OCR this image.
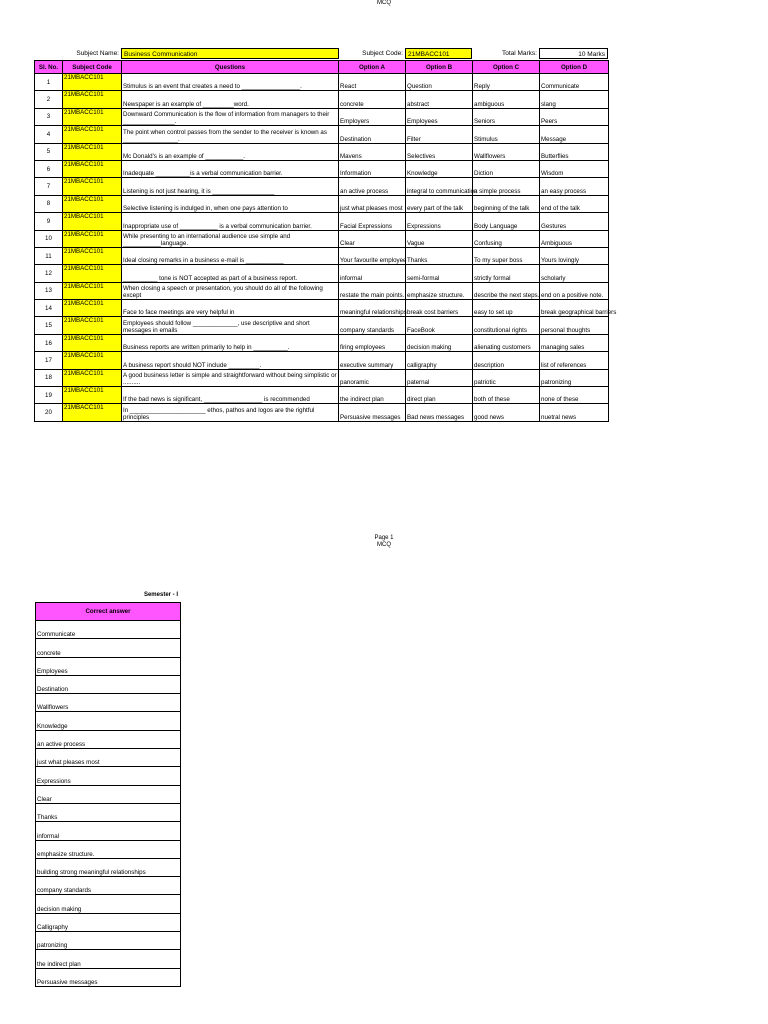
MCQ
Subject Name: Business Communication	Subject Code: 21MBACC101	Total Marks:	10 Marks
Sl. No.	Subject Code	Questions	Option A	Option B	Option C	Option D
1	21MBACC101	Stimulus is an event that creates a need to _________________.	React	Question	Reply	Communicate
2	21MBACC101	Newspaper is an example of _________word.	concrete	abstract	ambiguous	slang
3	21MBACC101	Downward Communication is the flow of information from managers to their _______________.	Employers	Employees	Seniors	Peers
4	21MBACC101	The point when control passes from the sender to the receiver is known as ________________.	Destination	Filter	Stimulus	Message
5	21MBACC101	Mc Donald's is an example of ___________.	Mavens	Selectives	Wallflowers	Butterflies
6	21MBACC101	Inadequate __________is a verbal communication barrier.	Information	Knowledge	Diction	Wisdom
7	21MBACC101	Listening is not just hearing, it is __________________	an active process	integral to communication	a simple process	an easy process
8	21MBACC101	Selective listening is indulged in, when one pays attention to	just what pleases most	every part of the talk	beginning of the talk	end of the talk
9	21MBACC101	Inappropriate use of ___________ is a verbal communication barrier.	Facial Expressions	Expressions	Body Language	Gestures
10	21MBACC101	While presenting to an international audience use simple and ___________language.	Clear	Vague	Confusing	Ambiguous
11	21MBACC101	Ideal closing remarks in a business e-mail is ___________	Your favourite employee	Thanks	To my super boss	Yours lovingly
12	21MBACC101	__________ tone is NOT accepted as part of a business report.	informal	semi-formal	strictly formal	scholarly
13	21MBACC101	When closing a speech or presentation, you should do all of the following except	restate the main points.	emphasize structure.	describe the next steps.	end on a positive note.
14	21MBACC101	Face to face meetings are very helpful in	meaningful relationships	break cost barriers	easy to set up	break geographical barriers
15	21MBACC101	Employees should follow _____________, use descriptive and short messages in emails	company standards	FaceBook	constitutional rights	personal thoughts
16	21MBACC101	Business reports are written primarily to help in __________.	firing employees	decision making	alienating customers	managing sales
17	21MBACC101	A business report should NOT include _________.	executive summary	calligraphy	description	list of references
18	21MBACC101	A good business letter is simple and straightforward without being simplistic or ..........	panoramic	paternal	patriotic	patronizing
19	21MBACC101	If the bad news is significant, _________________ is recommended	the indirect plan	direct plan	both of these	none of these
20	21MBACC101	In ______________________ ethos, pathos and logos are the rightful principles	Persuasive messages	Bad news messages	good news	nuetral news
Page 1
MCQ
Semester - I
Correct answer
Communicate
concrete
Employees
Destination
Wallflowers
Knowledge
an active process
just what pleases most
Expressions
Clear
Thanks
informal
emphasize structure.
building strong meaningful relationships
company standards
decision making
Calligraphy
patronizing
the indirect plan
Persuasive messages
